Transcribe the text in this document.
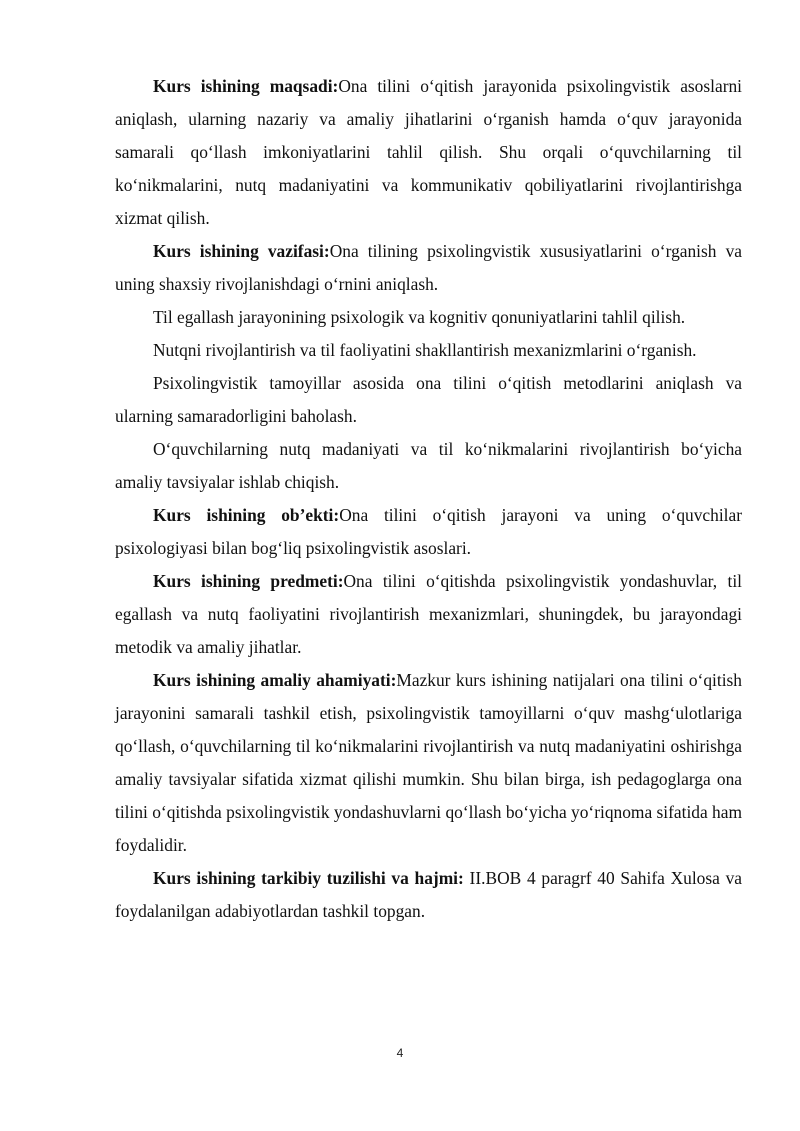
Kurs ishining maqsadi:Ona tilini o‘qitish jarayonida psixolingvistik asoslarni aniqlash, ularning nazariy va amaliy jihatlarini o‘rganish hamda o‘quv jarayonida samarali qo‘llash imkoniyatlarini tahlil qilish. Shu orqali o‘quvchilarning til ko‘nikmalarini, nutq madaniyatini va kommunikativ qobiliyatlarini rivojlantirishga xizmat qilish.

Kurs ishining vazifasi:Ona tilining psixolingvistik xususiyatlarini o‘rganish va uning shaxsiy rivojlanishdagi o‘rnini aniqlash.

Til egallash jarayonining psixologik va kognitiv qonuniyatlarini tahlil qilish.

Nutqni rivojlantirish va til faoliyatini shakllantirish mexanizmlarini o‘rganish.

Psixolingvistik tamoyillar asosida ona tilini o‘qitish metodlarini aniqlash va ularning samaradorligini baholash.

O‘quvchilarning nutq madaniyati va til ko‘nikmalarini rivojlantirish bo‘yicha amaliy tavsiyalar ishlab chiqish.

Kurs ishining ob’ekti:Ona tilini o‘qitish jarayoni va uning o‘quvchilar psixologiyasi bilan bog‘liq psixolingvistik asoslari.

Kurs ishining predmeti:Ona tilini o‘qitishda psixolingvistik yondashuvlar, til egallash va nutq faoliyatini rivojlantirish mexanizmlari, shuningdek, bu jarayondagi metodik va amaliy jihatlar.

Kurs ishining amaliy ahamiyati:Mazkur kurs ishining natijalari ona tilini o‘qitish jarayonini samarali tashkil etish, psixolingvistik tamoyillarni o‘quv mashg‘ulotlariga qo‘llash, o‘quvchilarning til ko‘nikmalarini rivojlantirish va nutq madaniyatini oshirishga amaliy tavsiyalar sifatida xizmat qilishi mumkin. Shu bilan birga, ish pedagoglarga ona tilini o‘qitishda psixolingvistik yondashuvlarni qo‘llash bo‘yicha yo‘riqnoma sifatida ham foydalidir.

Kurs ishining tarkibiy tuzilishi va hajmi: II.BOB 4 paragrf 40 Sahifa Xulosa va foydalanilgan adabiyotlardan tashkil topgan.

4
